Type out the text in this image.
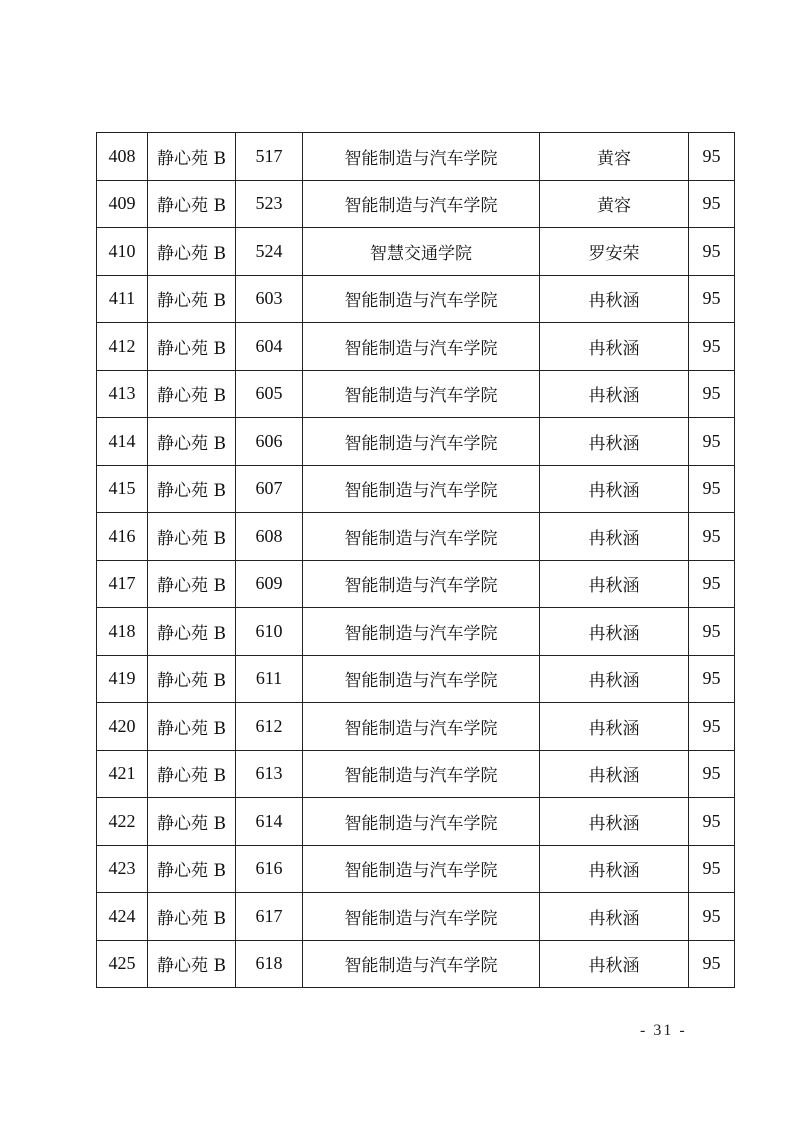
408	静心苑 B	517	智能制造与汽车学院	黄容	95
409	静心苑 B	523	智能制造与汽车学院	黄容	95
410	静心苑 B	524	智慧交通学院	罗安荣	95
411	静心苑 B	603	智能制造与汽车学院	冉秋涵	95
412	静心苑 B	604	智能制造与汽车学院	冉秋涵	95
413	静心苑 B	605	智能制造与汽车学院	冉秋涵	95
414	静心苑 B	606	智能制造与汽车学院	冉秋涵	95
415	静心苑 B	607	智能制造与汽车学院	冉秋涵	95
416	静心苑 B	608	智能制造与汽车学院	冉秋涵	95
417	静心苑 B	609	智能制造与汽车学院	冉秋涵	95
418	静心苑 B	610	智能制造与汽车学院	冉秋涵	95
419	静心苑 B	611	智能制造与汽车学院	冉秋涵	95
420	静心苑 B	612	智能制造与汽车学院	冉秋涵	95
421	静心苑 B	613	智能制造与汽车学院	冉秋涵	95
422	静心苑 B	614	智能制造与汽车学院	冉秋涵	95
423	静心苑 B	616	智能制造与汽车学院	冉秋涵	95
424	静心苑 B	617	智能制造与汽车学院	冉秋涵	95
425	静心苑 B	618	智能制造与汽车学院	冉秋涵	95
- 31 -
